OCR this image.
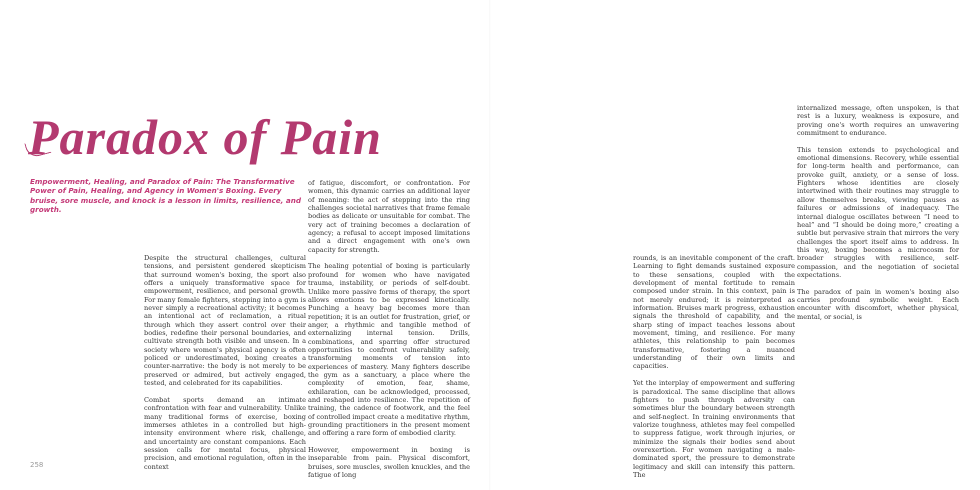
Paradox of Pain
Empowerment, Healing, and Paradox of Pain: The Transformative Power of Pain, Healing, and Agency in Women's Boxing. Every bruise, sore muscle, and knock is a lesson in limits, resilience, and growth.

Despite the structural challenges, cultural tensions, and persistent gendered skepticism that surround women's boxing, the sport also offers a uniquely transformative space for empowerment, resilience, and personal growth. For many female fighters, stepping into a gym is never simply a recreational activity; it becomes an intentional act of reclamation, a ritual through which they assert control over their bodies, redefine their personal boundaries, and cultivate strength both visible and unseen. In a society where women's physical agency is often policed or underestimated, boxing creates a counter-narrative: the body is not merely to be preserved or admired, but actively engaged, tested, and celebrated for its capabilities.

Combat sports demand an intimate confrontation with fear and vulnerability. Unlike many traditional forms of exercise, boxing immerses athletes in a controlled but high-intensity environment where risk, challenge, and uncertainty are constant companions. Each session calls for mental focus, physical precision, and emotional regulation, often in the context

of fatigue, discomfort, or confrontation. For women, this dynamic carries an additional layer of meaning: the act of stepping into the ring challenges societal narratives that frame female bodies as delicate or unsuitable for combat. The very act of training becomes a declaration of agency; a refusal to accept imposed limitations and a direct engagement with one's own capacity for strength.

The healing potential of boxing is particularly profound for women who have navigated trauma, instability, or periods of self-doubt. Unlike more passive forms of therapy, the sport allows emotions to be expressed kinetically. Punching a heavy bag becomes more than repetition; it is an outlet for frustration, grief, or anger, a rhythmic and tangible method of externalizing internal tension. Drills, combinations, and sparring offer structured opportunities to confront vulnerability safely, transforming moments of tension into experiences of mastery. Many fighters describe the gym as a sanctuary, a place where the complexity of emotion, fear, shame, exhilaration, can be acknowledged, processed, and reshaped into resilience. The repetition of training, the cadence of footwork, and the feel of controlled impact create a meditative rhythm, grounding practitioners in the present moment and offering a rare form of embodied clarity.

However, empowerment in boxing is inseparable from pain. Physical discomfort, bruises, sore muscles, swollen knuckles, and the fatigue of long

rounds, is an inevitable component of the craft. Learning to fight demands sustained exposure to these sensations, coupled with the development of mental fortitude to remain composed under strain. In this context, pain is not merely endured; it is reinterpreted as information. Bruises mark progress, exhaustion signals the threshold of capability, and the sharp sting of impact teaches lessons about movement, timing, and resilience. For many athletes, this relationship to pain becomes transformative, fostering a nuanced understanding of their own limits and capacities.

Yet the interplay of empowerment and suffering is paradoxical. The same discipline that allows fighters to push through adversity can sometimes blur the boundary between strength and self-neglect. In training environments that valorize toughness, athletes may feel compelled to suppress fatigue, work through injuries, or minimize the signals their bodies send about overexertion. For women navigating a male-dominated sport, the pressure to demonstrate legitimacy and skill can intensify this pattern. The

internalized message, often unspoken, is that rest is a luxury, weakness is exposure, and proving one's worth requires an unwavering commitment to endurance.

This tension extends to psychological and emotional dimensions. Recovery, while essential for long-term health and performance, can provoke guilt, anxiety, or a sense of loss. Fighters whose identities are closely intertwined with their routines may struggle to allow themselves breaks, viewing pauses as failures or admissions of inadequacy. The internal dialogue oscillates between “I need to heal” and “I should be doing more,” creating a subtle but pervasive strain that mirrors the very challenges the sport itself aims to address. In this way, boxing becomes a microcosm for broader struggles with resilience, self-compassion, and the negotiation of societal expectations.

The paradox of pain in women's boxing also carries profound symbolic weight. Each encounter with discomfort, whether physical, mental, or social, is

258
